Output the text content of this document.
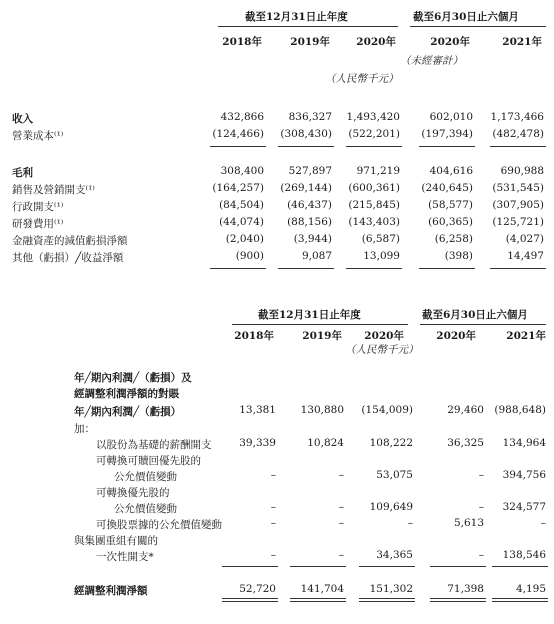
截至12月31日止年度	截至6月30日止六個月
2018年	2019年	2020年	2020年	2021年
（未經審計）
（人民幣千元）
收入	432,866	836,327	1,493,420	602,010	1,173,466
營業成本⁽¹⁾	(124,466)	(308,430)	(522,201)	(197,394)	(482,478)
毛利	308,400	527,897	971,219	404,616	690,988
銷售及營銷開支⁽¹⁾	(164,257)	(269,144)	(600,361)	(240,645)	(531,545)
行政開支⁽¹⁾	(84,504)	(46,437)	(215,845)	(58,577)	(307,905)
研發費用⁽¹⁾	(44,074)	(88,156)	(143,403)	(60,365)	(125,721)
金融資產的減值虧損淨額	(2,040)	(3,944)	(6,587)	(6,258)	(4,027)
其他（虧損）╱收益淨額	(900)	9,087	13,099	(398)	14,497
截至12月31日止年度	截至6月30日止六個月
2018年	2019年	2020年	2020年	2021年
（人民幣千元）
年╱期內利潤╱（虧損）及
經調整利潤淨額的對賬
年╱期內利潤╱（虧損）	13,381	130,880	(154,009)	29,460 (988,648)
加：
以股份為基礎的薪酬開支	39,339	10,824	108,222	36,325	134,964
可轉換可贖回優先股的
公允價值變動	–	–	53,075	–	394,756
可轉換優先股的
公允價值變動	–	–	109,649	–	324,577
可換股票據的公允價值變動	–	–	–	5,613	–
與集團重組有關的
一次性開支*	–	–	34,365	–	138,546
經調整利潤淨額	52,720	141,704	151,302	71,398	4,195
